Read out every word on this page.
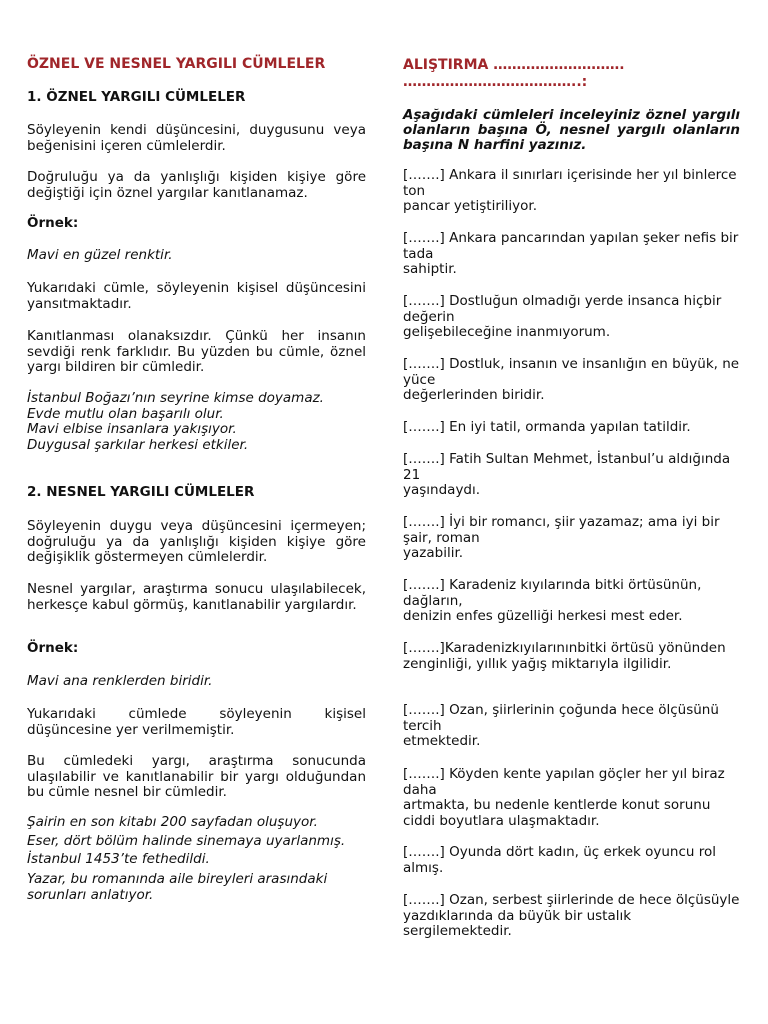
ÖZNEL VE NESNEL YARGILI CÜMLELER

1. ÖZNEL YARGILI CÜMLELER

Söyleyenin kendi düşüncesini, duygusunu veya beğenisini içeren cümlelerdir.

Doğruluğu ya da yanlışlığı kişiden kişiye göre değiştiği için öznel yargılar kanıtlanamaz.

Örnek:

Mavi en güzel renktir.

Yukarıdaki cümle, söyleyenin kişisel düşüncesini yansıtmaktadır.

Kanıtlanması olanaksızdır. Çünkü her insanın sevdiği renk farklıdır. Bu yüzden bu cümle, öznel yargı bildiren bir cümledir.

İstanbul Boğazı’nın seyrine kimse doyamaz.

Evde mutlu olan başarılı olur.

Mavi elbise insanlara yakışıyor.

Duygusal şarkılar herkesi etkiler.

2. NESNEL YARGILI CÜMLELER

Söyleyenin duygu veya düşüncesini içermeyen; doğruluğu ya da yanlışlığı kişiden kişiye göre değişiklik göstermeyen cümlelerdir.

Nesnel yargılar, araştırma sonucu ulaşılabilecek, herkesçe kabul görmüş, kanıtlanabilir yargılardır.

Örnek:

Mavi ana renklerden biridir.

Yukarıdaki cümlede söyleyenin kişisel düşüncesine yer verilmemiştir.

Bu cümledeki yargı, araştırma sonucunda ulaşılabilir ve kanıtlanabilir bir yargı olduğundan bu cümle nesnel bir cümledir.

Şairin en son kitabı 200 sayfadan oluşuyor.

Eser, dört bölüm halinde sinemaya uyarlanmış.

İstanbul 1453’te fethedildi.

Yazar, bu romanında aile bireyleri arasındaki sorunları anlatıyor.

ALIŞTIRMA ……………………….

………………………………..:

Aşağıdaki cümleleri inceleyiniz öznel yargılı olanların başına Ö, nesnel yargılı olanların başına N harfini yazınız.

[…….] Ankara il sınırları içerisinde her yıl binlerce ton
pancar yetiştiriliyor.
[…….] Ankara pancarından yapılan şeker nefis bir tada
sahiptir.
[…….] Dostluğun olmadığı yerde insanca hiçbir değerin
gelişebileceğine inanmıyorum.
[…….] Dostluk, insanın ve insanlığın en büyük, ne yüce
değerlerinden biridir.
[…….] En iyi tatil, ormanda yapılan tatildir.
[…….] Fatih Sultan Mehmet, İstanbul’u aldığında 21
yaşındaydı.
[…….] İyi bir romancı, şiir yazamaz; ama iyi bir şair, roman
yazabilir.
[…….] Karadeniz kıyılarında bitki örtüsünün, dağların,
denizin enfes güzelliği herkesi mest eder.
[…….]Karadenizkıyılarınınbitki örtüsü yönünden
zenginliği, yıllık yağış miktarıyla ilgilidir.
[…….] Ozan, şiirlerinin çoğunda hece ölçüsünü tercih
etmektedir.
[…….] Köyden kente yapılan göçler her yıl biraz daha
artmakta, bu nedenle kentlerde konut sorunu ciddi boyutlara ulaşmaktadır.
[…….] Oyunda dört kadın, üç erkek oyuncu rol almış.
[…….] Ozan, serbest şiirlerinde de hece ölçüsüyle
yazdıklarında da büyük bir ustalık sergilemektedir.
